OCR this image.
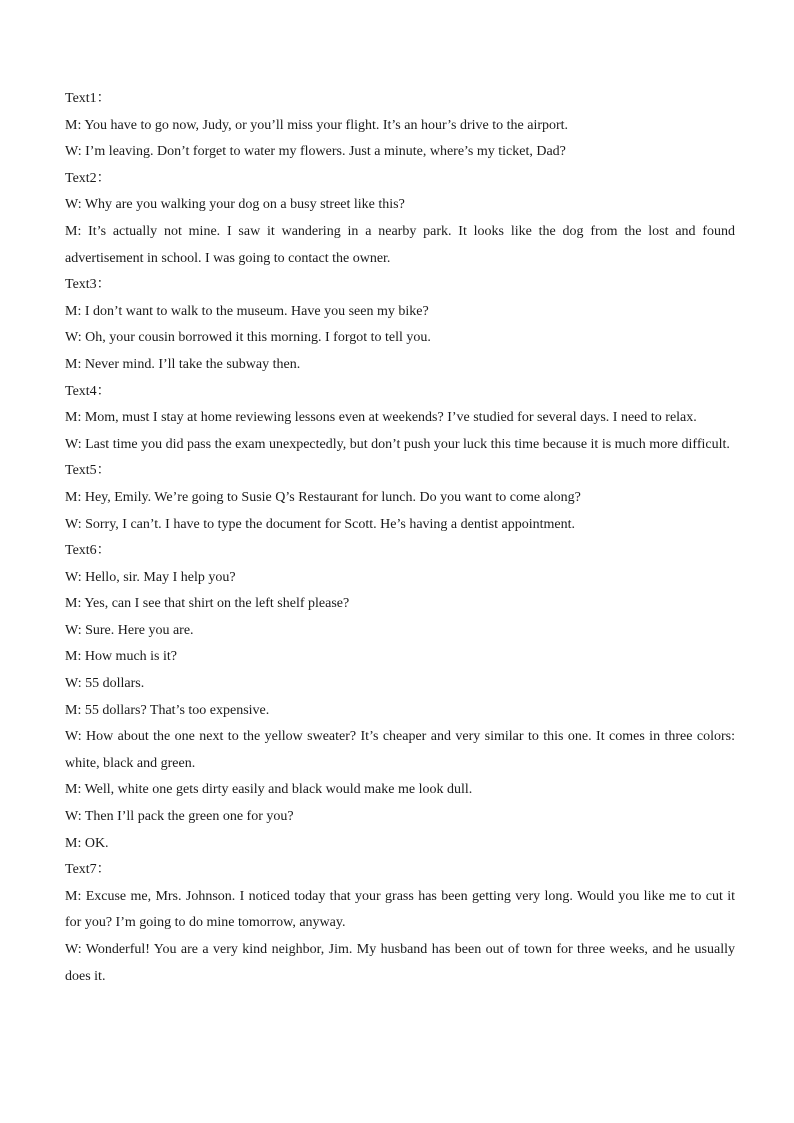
Text1：

M: You have to go now, Judy, or you’ll miss your flight. It’s an hour’s drive to the airport.

W: I’m leaving. Don’t forget to water my flowers. Just a minute, where’s my ticket, Dad?

Text2：

W: Why are you walking your dog on a busy street like this?

M: It’s actually not mine. I saw it wandering in a nearby park. It looks like the dog from the lost and found advertisement in school. I was going to contact the owner.

Text3：

M: I don’t want to walk to the museum. Have you seen my bike?

W: Oh, your cousin borrowed it this morning. I forgot to tell you.

M: Never mind. I’ll take the subway then.

Text4：

M: Mom, must I stay at home reviewing lessons even at weekends? I’ve studied for several days. I need to relax.

W: Last time you did pass the exam unexpectedly, but don’t push your luck this time because it is much more difficult.

Text5：

M: Hey, Emily. We’re going to Susie Q’s Restaurant for lunch. Do you want to come along?

W: Sorry, I can’t. I have to type the document for Scott. He’s having a dentist appointment.

Text6：

W: Hello, sir. May I help you?

M: Yes, can I see that shirt on the left shelf please?

W: Sure. Here you are.

M: How much is it?

W: 55 dollars.

M: 55 dollars? That’s too expensive.

W: How about the one next to the yellow sweater? It’s cheaper and very similar to this one. It comes in three colors: white, black and green.

M: Well, white one gets dirty easily and black would make me look dull.

W: Then I’ll pack the green one for you?

M: OK.

Text7：

M: Excuse me, Mrs. Johnson. I noticed today that your grass has been getting very long. Would you like me to cut it for you? I’m going to do mine tomorrow, anyway.

W: Wonderful! You are a very kind neighbor, Jim. My husband has been out of town for three weeks, and he usually does it.
